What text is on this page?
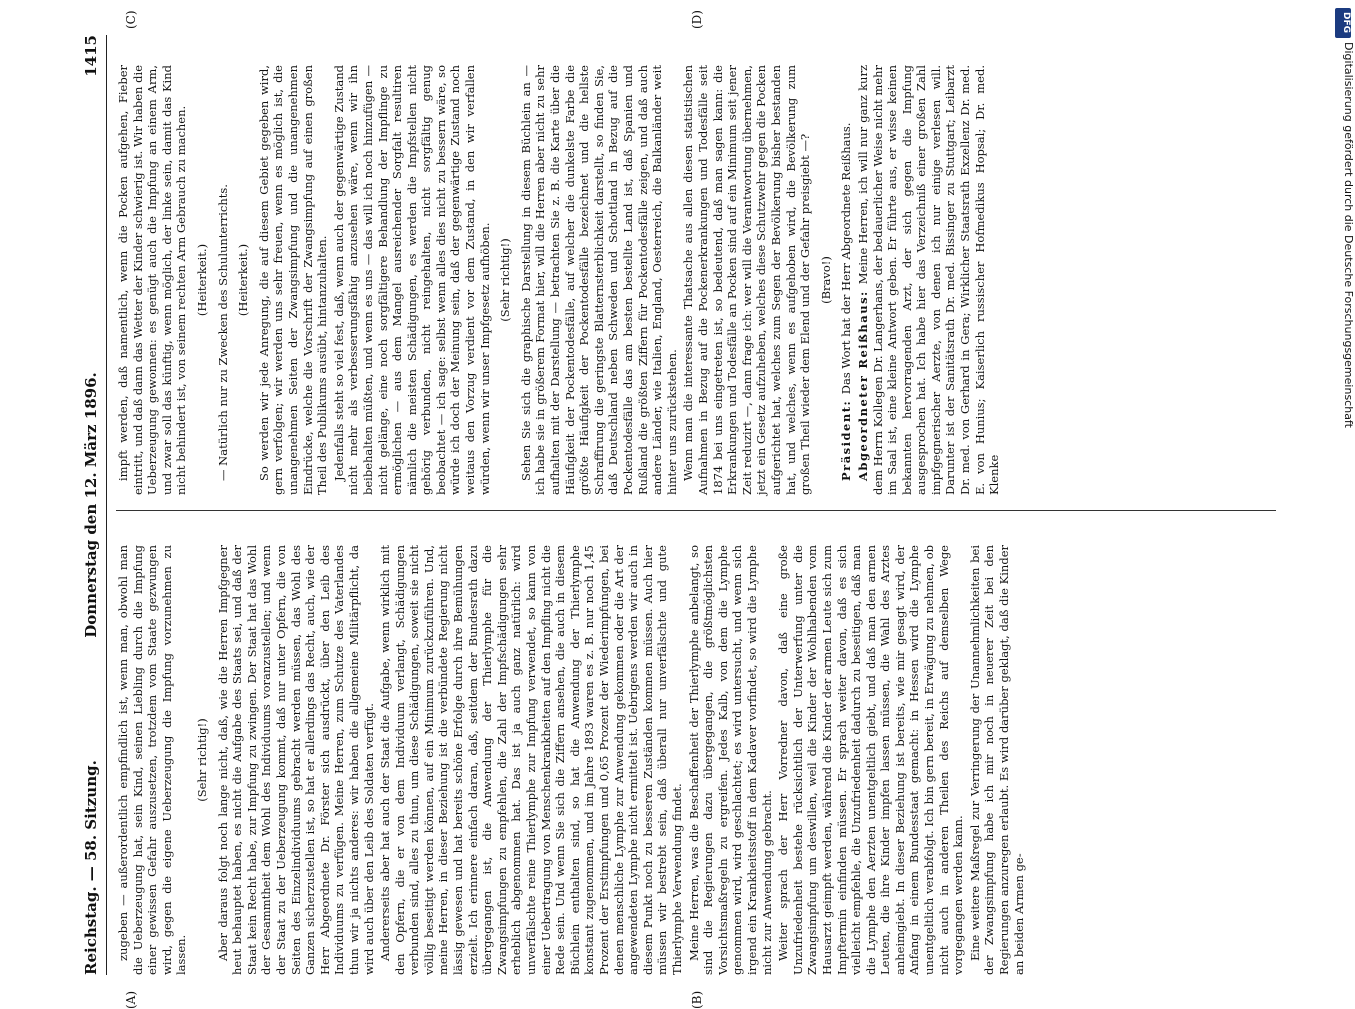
Reichstag. — 58. Sitzung.
Donnerstag den 12. März 1896.
1415

zugeben — außerordentlich empfindlich ist, wenn man, obwohl man die Ueberzeugung hat, sein Kind, seinen Liebling durch die Impfung einer gewissen Gefahr auszusetzen, trotzdem vom Staate gezwungen wird, gegen die eigene Ueberzeugung die Impfung vorzunehmen zu lassen.

(Sehr richtig!) Aber daraus folgt noch lange nicht, daß, wie die Herren Impfgegner heut behauptet haben, es nicht die Aufgabe des Staats sei, und daß der Staat kein Recht habe, zur Impfung zu zwingen. Der Staat hat das Wohl der Gesammtheit dem Wohl des Individuums voranzustellen; und wenn der Staat zu der Ueberzeugung kommt, daß nur unter Opfern, die von Seiten des Einzelindividuums gebracht werden müssen, das Wohl des Ganzen sicherzustellen ist, so hat er allerdings das Recht, auch, wie der Herr Abgeordnete Dr. Förster sich ausdrückt, über den Leib des Individuums zu verfügen. Meine Herren, zum Schutze des Vaterlandes thun wir ja nichts anderes: wir haben die allgemeine Militärpflicht, da wird auch über den Leib des Soldaten verfügt. Andererseits aber hat auch der Staat die Aufgabe, wenn wirklich mit den Opfern, die er von dem Individuum verlangt, Schädigungen verbunden sind, alles zu thun, um diese Schädigungen, soweit sie nicht völlig beseitigt werden können, auf ein Minimum zurückzuführen. Und, meine Herren, in dieser Beziehung ist die verbündete Regierung nicht lässig gewesen und hat bereits schöne Erfolge durch ihre Bemühungen erzielt. Ich erinnere einfach daran, daß, seitdem der Bundesrath dazu übergegangen ist, die Anwendung der Thierlymphe für die Zwangsimpfungen zu empfehlen, die Zahl der Impfschädigungen sehr erheblich abgenommen hat. Das ist ja auch ganz natürlich: wird unverfälschte reine Thierlymphe zur Impfung verwendet, so kann von einer Uebertragung von Menschenkrankheiten auf den Impfling nicht die Rede sein. Und wenn Sie sich die Ziffern ansehen, die auch in diesem Büchlein enthalten sind, so hat die Anwendung der Thierlymphe konstant zugenommen, und im Jahre 1893 waren es z. B. nur noch 1,45 Prozent der Erstimpfungen und 0,65 Prozent der Wiederimpfungen, bei denen menschliche Lymphe zur Anwendung gekommen oder die Art der angewendeten Lymphe nicht ermittelt ist. Uebrigens werden wir auch in diesem Punkt noch zu besseren Zuständen kommen müssen. Auch hier müssen wir bestrebt sein, daß überall nur unverfälschte und gute Thierlymphe Verwendung findet. Meine Herren, was die Beschaffenheit der Thierlymphe anbelangt, so sind die Regierungen dazu übergegangen, die größtmöglichsten Vorsichtsmaßregeln zu ergreifen. Jedes Kalb, von dem die Lymphe genommen wird, wird geschlachtet; es wird untersucht, und wenn sich irgend ein Krankheitsstoff in dem Kadaver vorfindet, so wird die Lymphe nicht zur Anwendung gebracht. Weiter sprach der Herr Vorredner davon, daß eine große Unzufriedenheit bestehe rücksichtlich der Unterwerfung unter die Zwangsimpfung um deswillen, weil die Kinder der Wohlhabenden vom Hausarzt geimpft werden, während die Kinder der armen Leute sich zum Impftermin einfinden müssen. Er sprach weiter davon, daß es sich vielleicht empfehle, die Unzufriedenheit dadurch zu beseitigen, daß man die Lymphe den Aerzten unentgeltlich giebt, und daß man den armen Leuten, die ihre Kinder impfen lassen müssen, die Wahl des Arztes anheimgiebt. In dieser Beziehung ist bereits, wie mir gesagt wird, der Anfang in einem Bundesstaat gemacht: in Hessen wird die Lymphe unentgeltlich verabfolgt. Ich bin gern bereit, in Erwägung zu nehmen, ob nicht auch in anderen Theilen des Reichs auf demselben Wege vorgegangen werden kann. Eine weitere Maßregel zur Verringerung der Unannehmlichkeiten bei der Zwangsimpfung habe ich mir noch in neuerer Zeit bei den Regierungen anzuregen erlaubt. Es wird darüber geklagt, daß die Kinder an beiden Armen ge-

impft werden, daß namentlich, wenn die Pocken aufgehen, Fieber eintritt, und daß dann das Wetter der Kinder schwierig ist. Wir haben die Ueberzeugung gewonnen: es genügt auch die Impfung an einem Arm, und zwar soll das künftig, wenn möglich, der linke sein, damit das Kind nicht behindert ist, von seinem rechten Arm Gebrauch zu machen. (Heiterkeit.) — Natürlich nur zu Zwecken des Schulunterrichts. (Heiterkeit.) So werden wir jede Anregung, die auf diesem Gebiet gegeben wird, gern verfolgen; wir werden uns sehr freuen, wenn es möglich ist, die unangenehmen Seiten der Zwangsimpfung und die unangenehmen Eindrücke, welche die Vorschrift der Zwangsimpfung auf einen großen Theil des Publikums ausübt, hintanzuhalten. Jedenfalls steht so viel fest, daß, wenn auch der gegenwärtige Zustand nicht mehr als verbesserungsfähig anzusehen wäre, wenn wir ihn beibehalten müßten, und wenn es uns — das will ich noch hinzufügen — nicht gelänge, eine noch sorgfältigere Behandlung der Impflinge zu ermöglichen — aus dem Mangel ausreichender Sorgfalt resultiren nämlich die meisten Schädigungen, es werden die Impfstellen nicht gehörig verbunden, nicht reingehalten, nicht sorgfältig genug beobachtet — ich sage: selbst wenn alles dies nicht zu bessern wäre, so würde ich doch der Meinung sein, daß der gegenwärtige Zustand noch weitaus den Vorzug verdient vor dem Zustand, in den wir verfallen würden, wenn wir unser Impfgesetz aufhöben. (Sehr richtig!) Sehen Sie sich die graphische Darstellung in diesem Büchlein an — ich habe sie in größerem Format hier, will die Herren aber nicht zu sehr aufhalten mit der Darstellung — betrachten Sie z. B. die Karte über die Häufigkeit der Pockentodesfälle, auf welcher die dunkelste Farbe die größte Häufigkeit der Pockentodesfälle bezeichnet und die hellste Schraffirung die geringste Blatternsterblichkeit darstellt, so finden Sie, daß Deutschland neben Schweden und Schottland in Bezug auf die Pockentodesfälle das am besten bestellte Land ist, daß Spanien und Rußland die größten Ziffern für Pockentodesfälle zeigen, und daß auch andere Länder, wie Italien, England, Oesterreich, die Balkanländer weit hinter uns zurückstehen. Wenn man die interessante Thatsache aus allen diesen statistischen Aufnahmen in Bezug auf die Pockenerkrankungen und Todesfälle seit 1874 bei uns eingetreten ist, so bedeutend, daß man sagen kann: die Erkrankungen und Todesfälle an Pocken sind auf ein Minimum seit jener Zeit reduzirt —, dann frage ich: wer will die Verantwortung übernehmen, jetzt ein Gesetz aufzuheben, welches diese Schutzwehr gegen die Pocken aufgerichtet hat, welches zum Segen der Bevölkerung bisher bestanden hat, und welches, wenn es aufgehoben wird, die Bevölkerung zum großen Theil wieder dem Elend und der Gefahr preisgiebt —? (Bravo!)

Präsident: Das Wort hat der Herr Abgeordnete Reißhaus. Abgeordneter Reißhaus: Meine Herren, ich will nur ganz kurz dem Herrn Kollegen Dr. Langerhans, der bedauerlicher Weise nicht mehr im Saal ist, eine kleine Antwort geben. Er führte aus, er wisse keinen bekannten hervorragenden Arzt, der sich gegen die Impfung ausgesprochen hat. Ich habe hier das Verzeichniß einer großen Zahl impfgegnerischer Aerzte, von denen ich nur einige verlesen will. Darunter ist der Sanitätsrath Dr. med. Bissinger zu Stuttgart; Leibarzt Dr. med. von Gerhard in Gera; Wirklicher Staatsrath Exzellenz Dr. med. E. von Hunius; Kaiserlich russischer Hofmedikus Hopsal; Dr. med. Klenke

(A)	(B)
(C)	(D)	DFG
Digitalisierung gefördert durch die Deutsche Forschungsgemeinschaft
